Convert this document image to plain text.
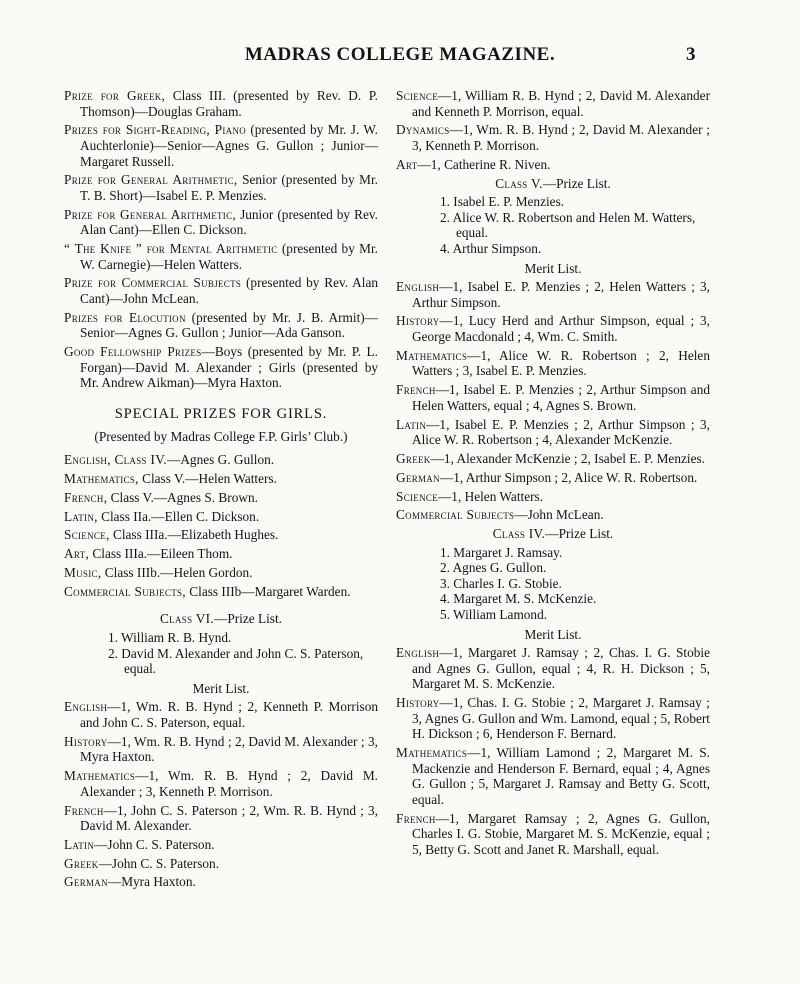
MADRAS COLLEGE MAGAZINE.	3
Prize for Greek, Class III. (presented by Rev. D. P. Thomson)—Douglas Graham.
Prizes for Sight-Reading, Piano (presented by Mr. J. W. Auchterlonie)—Senior—Agnes G. Gullon ; Junior—Margaret Russell.
Prize for General Arithmetic, Senior (presented by Mr. T. B. Short)—Isabel E. P. Menzies.
Prize for General Arithmetic, Junior (presented by Rev. Alan Cant)—Ellen C. Dickson.
“ The Knife ” for Mental Arithmetic (presented by Mr. W. Carnegie)—Helen Watters.
Prize for Commercial Subjects (presented by Rev. Alan Cant)—John McLean.
Prizes for Elocution (presented by Mr. J. B. Armit)—Senior—Agnes G. Gullon ; Junior—Ada Ganson.
Good Fellowship Prizes—Boys (presented by Mr. P. L. Forgan)—David M. Alexander ; Girls (presented by Mr. Andrew Aikman)—Myra Haxton.
SPECIAL PRIZES FOR GIRLS.
(Presented by Madras College F.P. Girls’ Club.)
English, Class IV.—Agnes G. Gullon.
Mathematics, Class V.—Helen Watters.
French, Class V.—Agnes S. Brown.
Latin, Class IIa.—Ellen C. Dickson.
Science, Class IIIa.—Elizabeth Hughes.
Art, Class IIIa.—Eileen Thom.
Music, Class IIIb.—Helen Gordon.
Commercial Subjects, Class IIIb—Margaret Warden.
Class VI.—Prize List.
1. William R. B. Hynd.
2. David M. Alexander and John C. S. Paterson, equal.
Merit List.
English—1, Wm. R. B. Hynd ; 2, Kenneth P. Morrison and John C. S. Paterson, equal.
History—1, Wm. R. B. Hynd ; 2, David M. Alexander ; 3, Myra Haxton.
Mathematics—1, Wm. R. B. Hynd ; 2, David M. Alexander ; 3, Kenneth P. Morrison.
French—1, John C. S. Paterson ; 2, Wm. R. B. Hynd ; 3, David M. Alexander.
Latin—John C. S. Paterson.
Greek—John C. S. Paterson.
German—Myra Haxton.
Science—1, William R. B. Hynd ; 2, David M. Alexander and Kenneth P. Morrison, equal.
Dynamics—1, Wm. R. B. Hynd ; 2, David M. Alexander ; 3, Kenneth P. Morrison.
Art—1, Catherine R. Niven.
Class V.—Prize List.
1. Isabel E. P. Menzies.
2. Alice W. R. Robertson and Helen M. Watters, equal.
4. Arthur Simpson.
Merit List.
English—1, Isabel E. P. Menzies ; 2, Helen Watters ; 3, Arthur Simpson.
History—1, Lucy Herd and Arthur Simpson, equal ; 3, George Macdonald ; 4, Wm. C. Smith.
Mathematics—1, Alice W. R. Robertson ; 2, Helen Watters ; 3, Isabel E. P. Menzies.
French—1, Isabel E. P. Menzies ; 2, Arthur Simpson and Helen Watters, equal ; 4, Agnes S. Brown.
Latin—1, Isabel E. P. Menzies ; 2, Arthur Simpson ; 3, Alice W. R. Robertson ; 4, Alexander McKenzie.
Greek—1, Alexander McKenzie ; 2, Isabel E. P. Menzies.
German—1, Arthur Simpson ; 2, Alice W. R. Robertson.
Science—1, Helen Watters.
Commercial Subjects—John McLean.
Class IV.—Prize List.
1. Margaret J. Ramsay.
2. Agnes G. Gullon.
3. Charles I. G. Stobie.
4. Margaret M. S. McKenzie.
5. William Lamond.
Merit List.
English—1, Margaret J. Ramsay ; 2, Chas. I. G. Stobie and Agnes G. Gullon, equal ; 4, R. H. Dickson ; 5, Margaret M. S. McKenzie.
History—1, Chas. I. G. Stobie ; 2, Margaret J. Ramsay ; 3, Agnes G. Gullon and Wm. Lamond, equal ; 5, Robert H. Dickson ; 6, Henderson F. Bernard.
Mathematics—1, William Lamond ; 2, Margaret M. S. Mackenzie and Henderson F. Bernard, equal ; 4, Agnes G. Gullon ; 5, Margaret J. Ramsay and Betty G. Scott, equal.
French—1, Margaret Ramsay ; 2, Agnes G. Gullon, Charles I. G. Stobie, Margaret M. S. McKenzie, equal ; 5, Betty G. Scott and Janet R. Marshall, equal.
